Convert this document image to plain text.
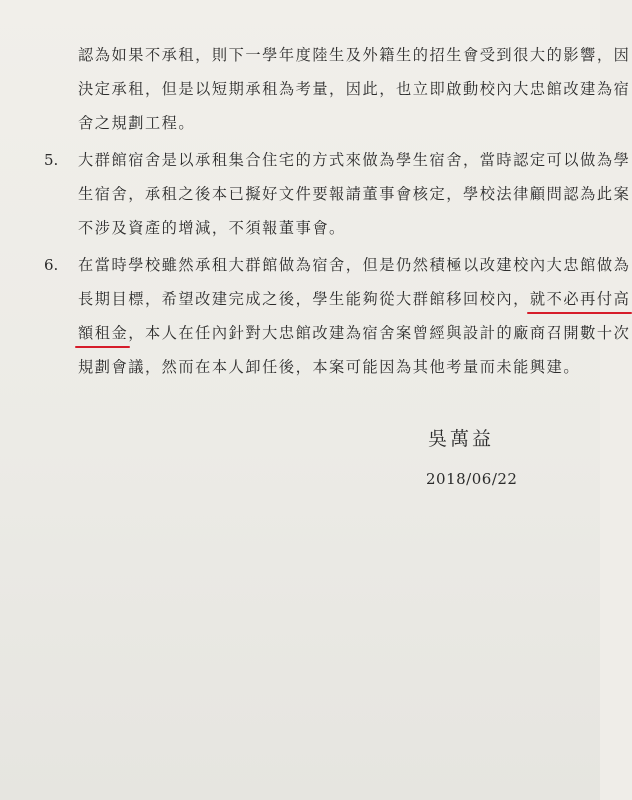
認為如果不承租，則下一學年度陸生及外籍生的招生會受到很大的影響，因
決定承租，但是以短期承租為考量，因此，也立即啟動校內大忠館改建為宿
舍之規劃工程。
5. 大群館宿舍是以承租集合住宅的方式來做為學生宿舍，當時認定可以做為學
生宿舍，承租之後本已擬好文件要報請董事會核定，學校法律顧問認為此案
不涉及資產的增減，不須報董事會。
6. 在當時學校雖然承租大群館做為宿舍，但是仍然積極以改建校內大忠館做為
長期目標，希望改建完成之後，學生能夠從大群館移回校內，就不必再付高
額租金，本人在任內針對大忠館改建為宿舍案曾經與設計的廠商召開數十次
規劃會議，然而在本人卸任後，本案可能因為其他考量而未能興建。
吳萬益
2018/06/22
